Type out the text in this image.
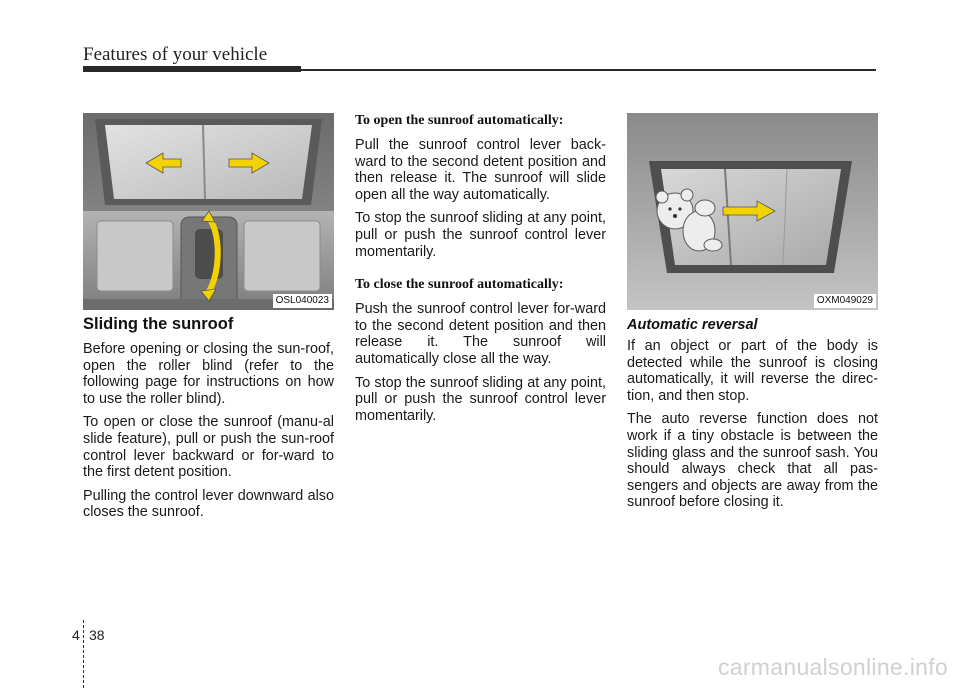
Features of your vehicle
OSL040023
Sliding the sunroof

Before opening or closing the sun-roof, open the roller blind (refer to the following page for instructions on how to use the roller blind).

To open or close the sunroof (manu-al slide feature), pull or push the sun-roof control lever backward or for-ward to the first detent position.

Pulling the control lever downward also closes the sunroof.

To open the sunroof automatically:

Pull the sunroof control lever back-ward to the second detent position and then release it. The sunroof will slide open all the way automatically.

To stop the sunroof sliding at any point, pull or push the sunroof control lever momentarily.

To close the sunroof automatically:

Push the sunroof control lever for-ward to the second detent position and then release it. The sunroof will automatically close all the way.

To stop the sunroof sliding at any point, pull or push the sunroof control lever momentarily.

OXM049029
Automatic reversal

If an object or part of the body is detected while the sunroof is closing automatically, it will reverse the direc-tion, and then stop.

The auto reverse function does not work if a tiny obstacle is between the sliding glass and the sunroof sash. You should always check that all pas-sengers and objects are away from the sunroof before closing it.

4 38
carmanualsonline.info
